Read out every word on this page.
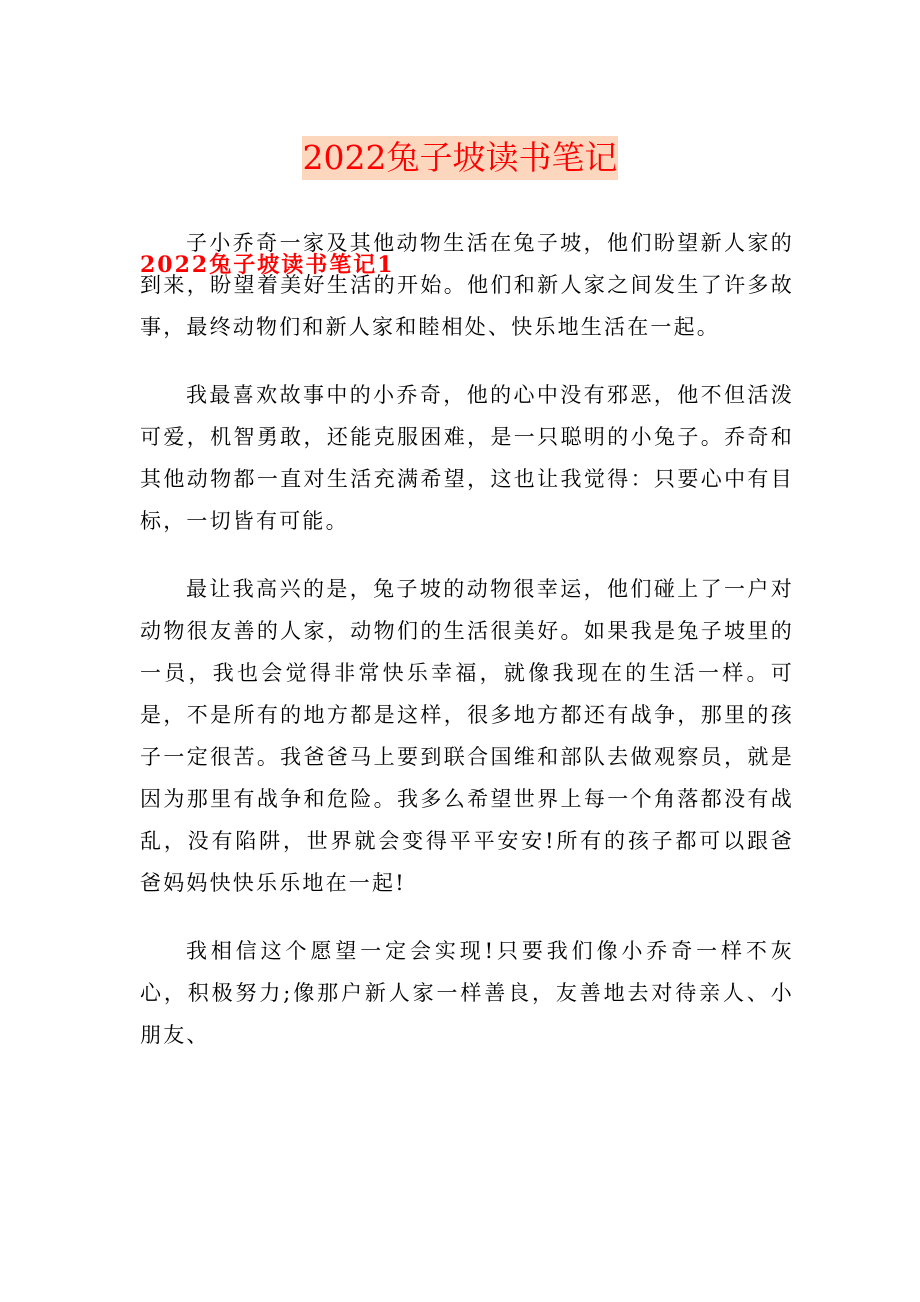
2022兔子坡读书笔记
2022兔子坡读书笔记1

子小乔奇一家及其他动物生活在兔子坡，他们盼望新人家的到来，盼望着美好生活的开始。他们和新人家之间发生了许多故事，最终动物们和新人家和睦相处、快乐地生活在一起。

我最喜欢故事中的小乔奇，他的心中没有邪恶，他不但活泼可爱，机智勇敢，还能克服困难，是一只聪明的小兔子。乔奇和其他动物都一直对生活充满希望，这也让我觉得：只要心中有目标，一切皆有可能。

最让我高兴的是，兔子坡的动物很幸运，他们碰上了一户对动物很友善的人家，动物们的生活很美好。如果我是兔子坡里的一员，我也会觉得非常快乐幸福，就像我现在的生活一样。可是，不是所有的地方都是这样，很多地方都还有战争，那里的孩子一定很苦。我爸爸马上要到联合国维和部队去做观察员，就是因为那里有战争和危险。我多么希望世界上每一个角落都没有战乱，没有陷阱，世界就会变得平平安安!所有的孩子都可以跟爸爸妈妈快快乐乐地在一起!

我相信这个愿望一定会实现!只要我们像小乔奇一样不灰心，积极努力;像那户新人家一样善良，友善地去对待亲人、小朋友、
